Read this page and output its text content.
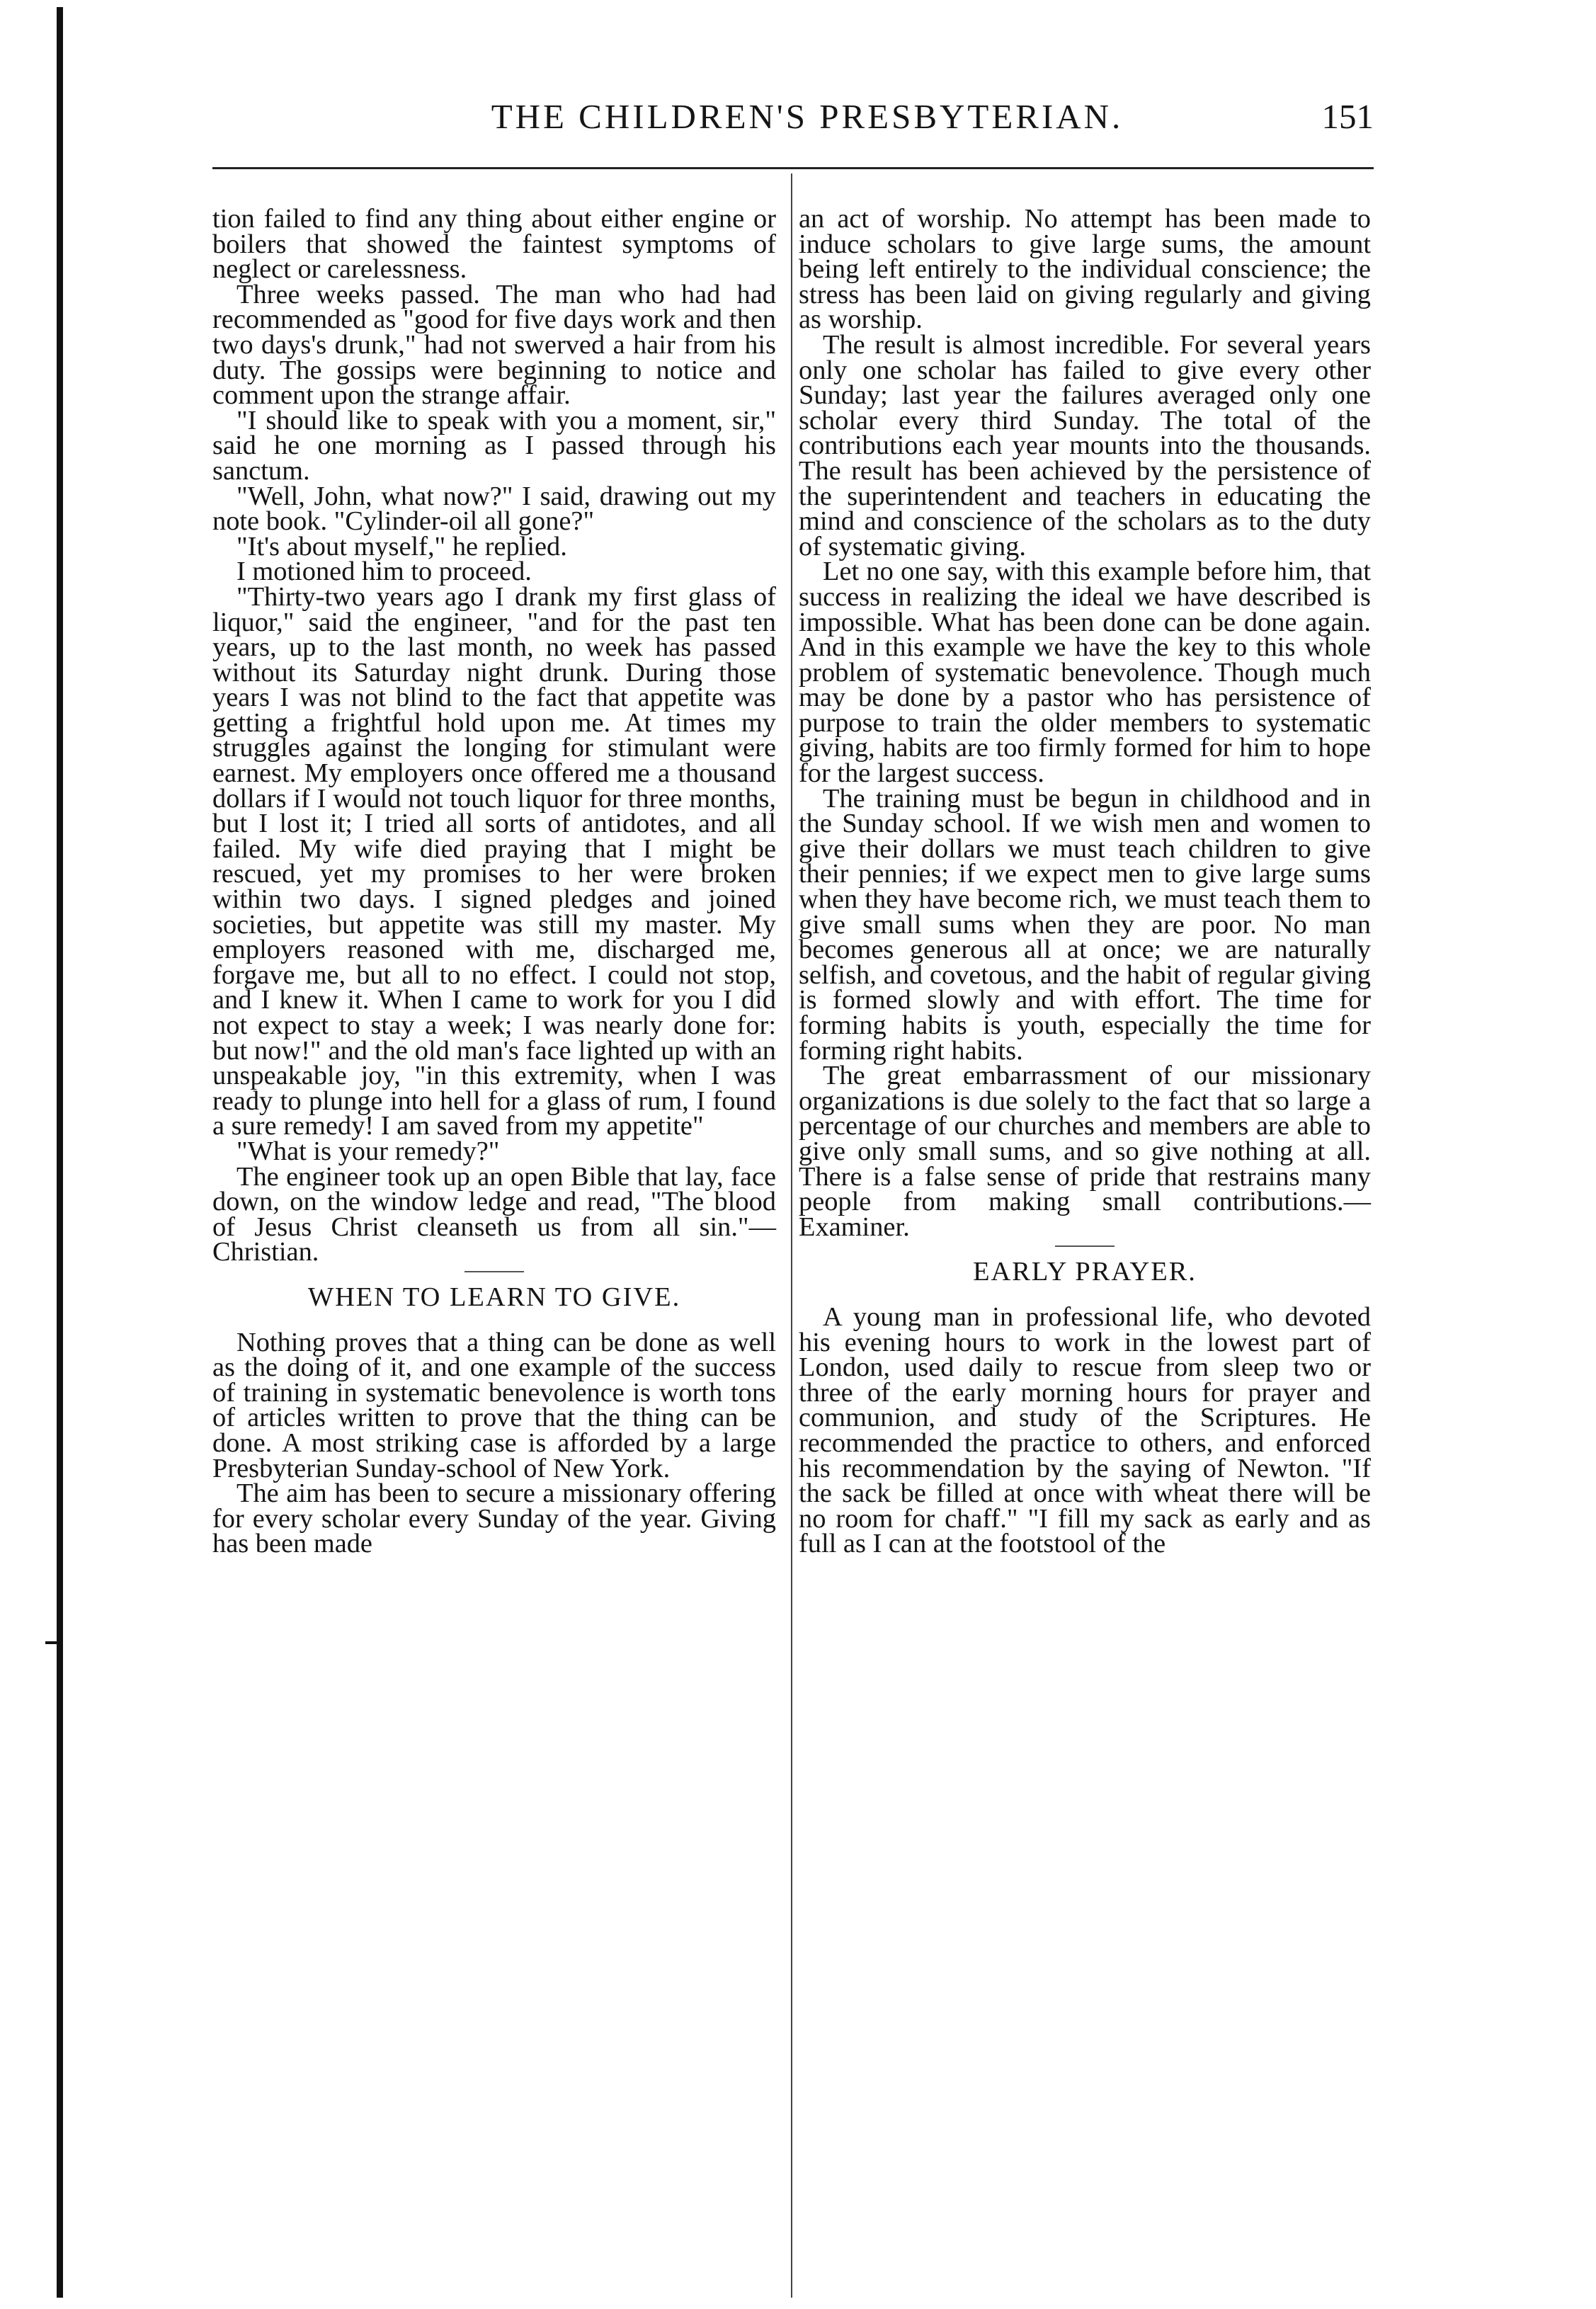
THE CHILDREN'S PRESBYTERIAN.	151

tion failed to find any thing about either engine or boilers that showed the faintest symptoms of neglect or carelessness.

Three weeks passed. The man who had had recommended as "good for five days work and then two days's drunk," had not swerved a hair from his duty. The gossips were beginning to notice and comment upon the strange affair.

"I should like to speak with you a moment, sir," said he one morning as I passed through his sanctum.

"Well, John, what now?" I said, drawing out my note book. "Cylinder-oil all gone?"

"It's about myself," he replied.

I motioned him to proceed.

"Thirty-two years ago I drank my first glass of liquor," said the engineer, "and for the past ten years, up to the last month, no week has passed without its Saturday night drunk. During those years I was not blind to the fact that appetite was getting a frightful hold upon me. At times my struggles against the longing for stimulant were earnest. My employers once offered me a thousand dollars if I would not touch liquor for three months, but I lost it; I tried all sorts of antidotes, and all failed. My wife died praying that I might be rescued, yet my promises to her were broken within two days. I signed pledges and joined societies, but appetite was still my master. My employers reasoned with me, discharged me, forgave me, but all to no effect. I could not stop, and I knew it. When I came to work for you I did not expect to stay a week; I was nearly done for: but now!" and the old man's face lighted up with an unspeakable joy, "in this extremity, when I was ready to plunge into hell for a glass of rum, I found a sure remedy! I am saved from my appetite"

"What is your remedy?"

The engineer took up an open Bible that lay, face down, on the window ledge and read, "The blood of Jesus Christ cleanseth us from all sin."—Christian.

WHEN TO LEARN TO GIVE.

Nothing proves that a thing can be done as well as the doing of it, and one example of the success of training in systematic benevolence is worth tons of articles written to prove that the thing can be done. A most striking case is afforded by a large Presbyterian Sunday-school of New York.

The aim has been to secure a missionary offering for every scholar every Sunday of the year. Giving has been made

an act of worship. No attempt has been made to induce scholars to give large sums, the amount being left entirely to the individual conscience; the stress has been laid on giving regularly and giving as worship.

The result is almost incredible. For several years only one scholar has failed to give every other Sunday; last year the failures averaged only one scholar every third Sunday. The total of the contributions each year mounts into the thousands. The result has been achieved by the persistence of the superintendent and teachers in educating the mind and conscience of the scholars as to the duty of systematic giving.

Let no one say, with this example before him, that success in realizing the ideal we have described is impossible. What has been done can be done again. And in this example we have the key to this whole problem of systematic benevolence. Though much may be done by a pastor who has persistence of purpose to train the older members to systematic giving, habits are too firmly formed for him to hope for the largest success.

The training must be begun in childhood and in the Sunday school. If we wish men and women to give their dollars we must teach children to give their pennies; if we expect men to give large sums when they have become rich, we must teach them to give small sums when they are poor. No man becomes generous all at once; we are naturally selfish, and covetous, and the habit of regular giving is formed slowly and with effort. The time for forming habits is youth, especially the time for forming right habits.

The great embarrassment of our missionary organizations is due solely to the fact that so large a percentage of our churches and members are able to give only small sums, and so give nothing at all. There is a false sense of pride that restrains many people from making small contributions.—Examiner.

EARLY PRAYER.

A young man in professional life, who devoted his evening hours to work in the lowest part of London, used daily to rescue from sleep two or three of the early morning hours for prayer and communion, and study of the Scriptures. He recommended the practice to others, and enforced his recommendation by the saying of Newton. "If the sack be filled at once with wheat there will be no room for chaff." "I fill my sack as early and as full as I can at the footstool of the
